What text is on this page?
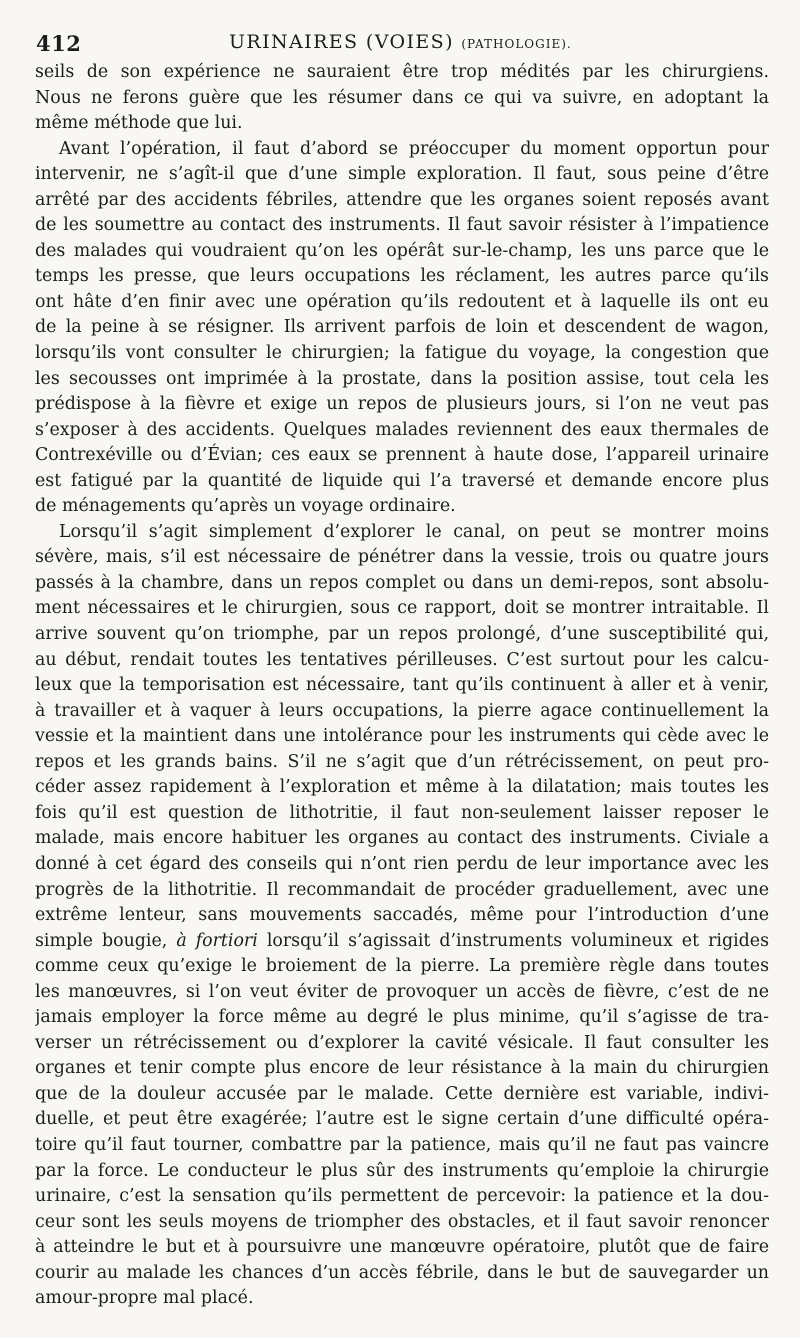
412	URINAIRES (VOIES) (PATHOLOGIE).
seils de son expérience ne sauraient être trop médités par les chirurgiens.
Nous ne ferons guère que les résumer dans ce qui va suivre, en adoptant la
même méthode que lui.
Avant l’opération, il faut d’abord se préoccuper du moment opportun pour
intervenir, ne s’agît-il que d’une simple exploration. Il faut, sous peine d’être
arrêté par des accidents fébriles, attendre que les organes soient reposés avant
de les soumettre au contact des instruments. Il faut savoir résister à l’impatience
des malades qui voudraient qu’on les opérât sur-le-champ, les uns parce que le
temps les presse, que leurs occupations les réclament, les autres parce qu’ils
ont hâte d’en finir avec une opération qu’ils redoutent et à laquelle ils ont eu
de la peine à se résigner. Ils arrivent parfois de loin et descendent de wagon,
lorsqu’ils vont consulter le chirurgien; la fatigue du voyage, la congestion que
les secousses ont imprimée à la prostate, dans la position assise, tout cela les
prédispose à la fièvre et exige un repos de plusieurs jours, si l’on ne veut pas
s’exposer à des accidents. Quelques malades reviennent des eaux thermales de
Contrexéville ou d’Évian; ces eaux se prennent à haute dose, l’appareil urinaire
est fatigué par la quantité de liquide qui l’a traversé et demande encore plus
de ménagements qu’après un voyage ordinaire.
Lorsqu’il s’agit simplement d’explorer le canal, on peut se montrer moins
sévère, mais, s’il est nécessaire de pénétrer dans la vessie, trois ou quatre jours
passés à la chambre, dans un repos complet ou dans un demi-repos, sont absolu-
ment nécessaires et le chirurgien, sous ce rapport, doit se montrer intraitable. Il
arrive souvent qu’on triomphe, par un repos prolongé, d’une susceptibilité qui,
au début, rendait toutes les tentatives périlleuses. C’est surtout pour les calcu-
leux que la temporisation est nécessaire, tant qu’ils continuent à aller et à venir,
à travailler et à vaquer à leurs occupations, la pierre agace continuellement la
vessie et la maintient dans une intolérance pour les instruments qui cède avec le
repos et les grands bains. S’il ne s’agit que d’un rétrécissement, on peut pro-
céder assez rapidement à l’exploration et même à la dilatation; mais toutes les
fois qu’il est question de lithotritie, il faut non-seulement laisser reposer le
malade, mais encore habituer les organes au contact des instruments. Civiale a
donné à cet égard des conseils qui n’ont rien perdu de leur importance avec les
progrès de la lithotritie. Il recommandait de procéder graduellement, avec une
extrême lenteur, sans mouvements saccadés, même pour l’introduction d’une
simple bougie, à fortiori lorsqu’il s’agissait d’instruments volumineux et rigides
comme ceux qu’exige le broiement de la pierre. La première règle dans toutes
les manœuvres, si l’on veut éviter de provoquer un accès de fièvre, c’est de ne
jamais employer la force même au degré le plus minime, qu’il s’agisse de tra-
verser un rétrécissement ou d’explorer la cavité vésicale. Il faut consulter les
organes et tenir compte plus encore de leur résistance à la main du chirurgien
que de la douleur accusée par le malade. Cette dernière est variable, indivi-
duelle, et peut être exagérée; l’autre est le signe certain d’une difficulté opéra-
toire qu’il faut tourner, combattre par la patience, mais qu’il ne faut pas vaincre
par la force. Le conducteur le plus sûr des instruments qu’emploie la chirurgie
urinaire, c’est la sensation qu’ils permettent de percevoir: la patience et la dou-
ceur sont les seuls moyens de triompher des obstacles, et il faut savoir renoncer
à atteindre le but et à poursuivre une manœuvre opératoire, plutôt que de faire
courir au malade les chances d’un accès fébrile, dans le but de sauvegarder un
amour-propre mal placé.
